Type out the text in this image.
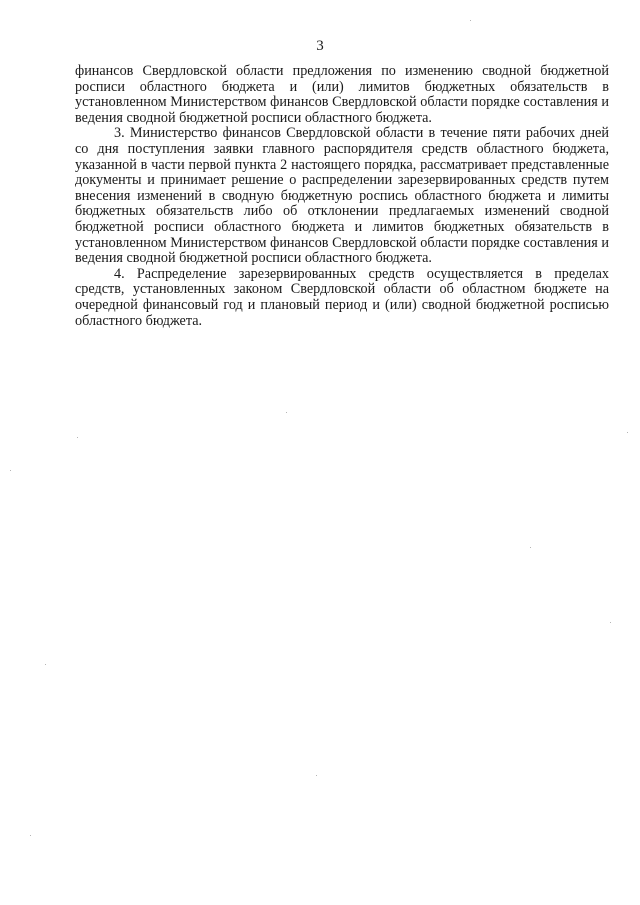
3

финансов Свердловской области предложения по изменению сводной бюджетной росписи областного бюджета и (или) лимитов бюджетных обязательств в установленном Министерством финансов Свердловской области порядке составления и ведения сводной бюджетной росписи областного бюджета.

3. Министерство финансов Свердловской области в течение пяти рабочих дней со дня поступления заявки главного распорядителя средств областного бюджета, указанной в части первой пункта 2 настоящего порядка, рассматривает представленные документы и принимает решение о распределении зарезервированных средств путем внесения изменений в сводную бюджетную роспись областного бюджета и лимиты бюджетных обязательств либо об отклонении предлагаемых изменений сводной бюджетной росписи областного бюджета и лимитов бюджетных обязательств в установленном Министерством финансов Свердловской области порядке составления и ведения сводной бюджетной росписи областного бюджета.

4. Распределение зарезервированных средств осуществляется в пределах средств, установленных законом Свердловской области об областном бюджете на очередной финансовый год и плановый период и (или) сводной бюджетной росписью областного бюджета.
